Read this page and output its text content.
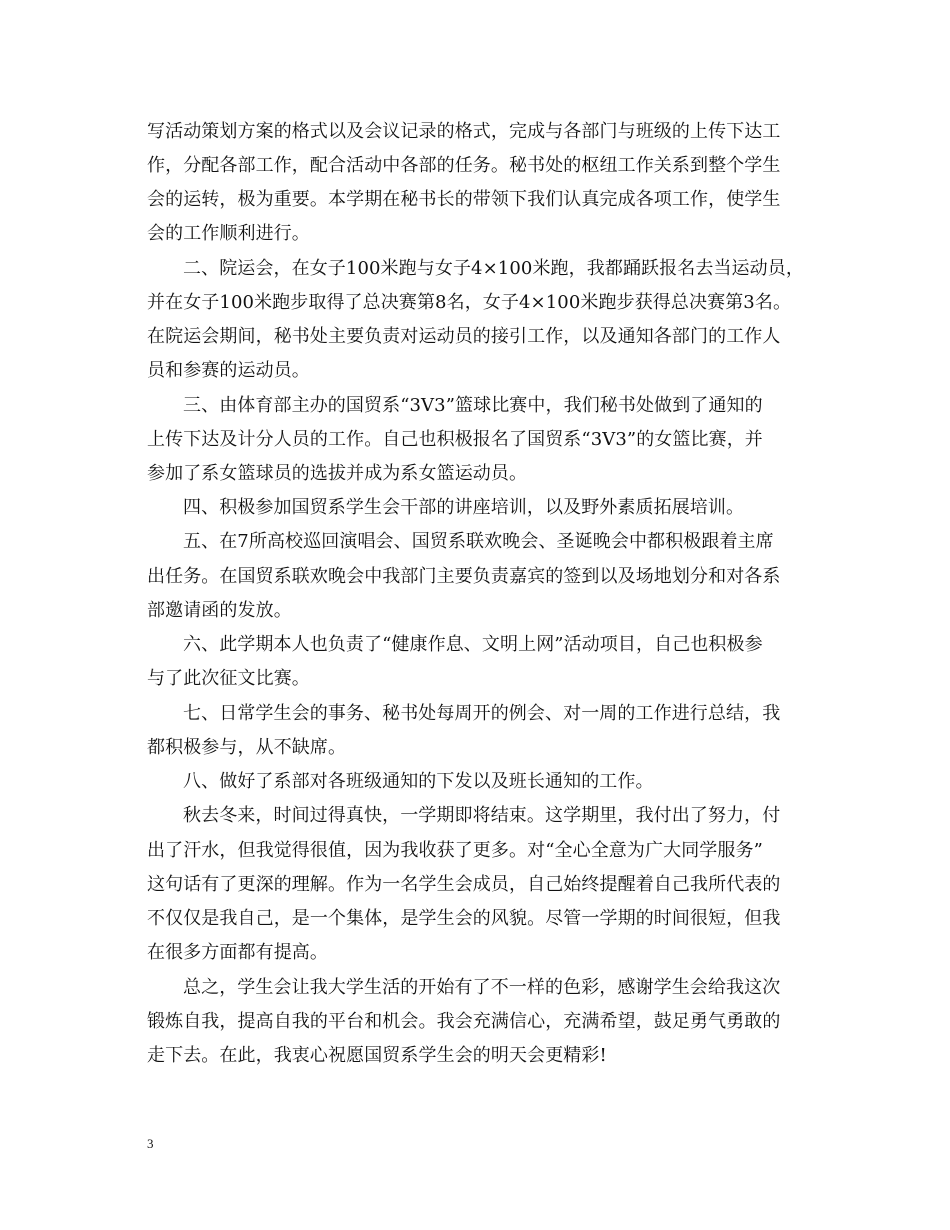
写活动策划方案的格式以及会议记录的格式，完成与各部门与班级的上传下达工
作，分配各部工作，配合活动中各部的任务。秘书处的枢纽工作关系到整个学生
会的运转，极为重要。本学期在秘书长的带领下我们认真完成各项工作，使学生
会的工作顺利进行。
二、院运会，在女子100米跑与女子4×100米跑，我都踊跃报名去当运动员，
并在女子100米跑步取得了总决赛第8名，女子4×100米跑步获得总决赛第3名。
在院运会期间，秘书处主要负责对运动员的接引工作，以及通知各部门的工作人
员和参赛的运动员。
三、由体育部主办的国贸系“3V3”篮球比赛中，我们秘书处做到了通知的
上传下达及计分人员的工作。自己也积极报名了国贸系“3V3”的女篮比赛，并
参加了系女篮球员的选拔并成为系女篮运动员。
四、积极参加国贸系学生会干部的讲座培训，以及野外素质拓展培训。
五、在7所高校巡回演唱会、国贸系联欢晚会、圣诞晚会中都积极跟着主席
出任务。在国贸系联欢晚会中我部门主要负责嘉宾的签到以及场地划分和对各系
部邀请函的发放。
六、此学期本人也负责了“健康作息、文明上网”活动项目，自己也积极参
与了此次征文比赛。
七、日常学生会的事务、秘书处每周开的例会、对一周的工作进行总结，我
都积极参与，从不缺席。
八、做好了系部对各班级通知的下发以及班长通知的工作。
秋去冬来，时间过得真快，一学期即将结束。这学期里，我付出了努力，付
出了汗水，但我觉得很值，因为我收获了更多。对“全心全意为广大同学服务”
这句话有了更深的理解。作为一名学生会成员，自己始终提醒着自己我所代表的
不仅仅是我自己，是一个集体，是学生会的风貌。尽管一学期的时间很短，但我
在很多方面都有提高。
总之，学生会让我大学生活的开始有了不一样的色彩，感谢学生会给我这次
锻炼自我，提高自我的平台和机会。我会充满信心，充满希望，鼓足勇气勇敢的
走下去。在此，我衷心祝愿国贸系学生会的明天会更精彩!
3
